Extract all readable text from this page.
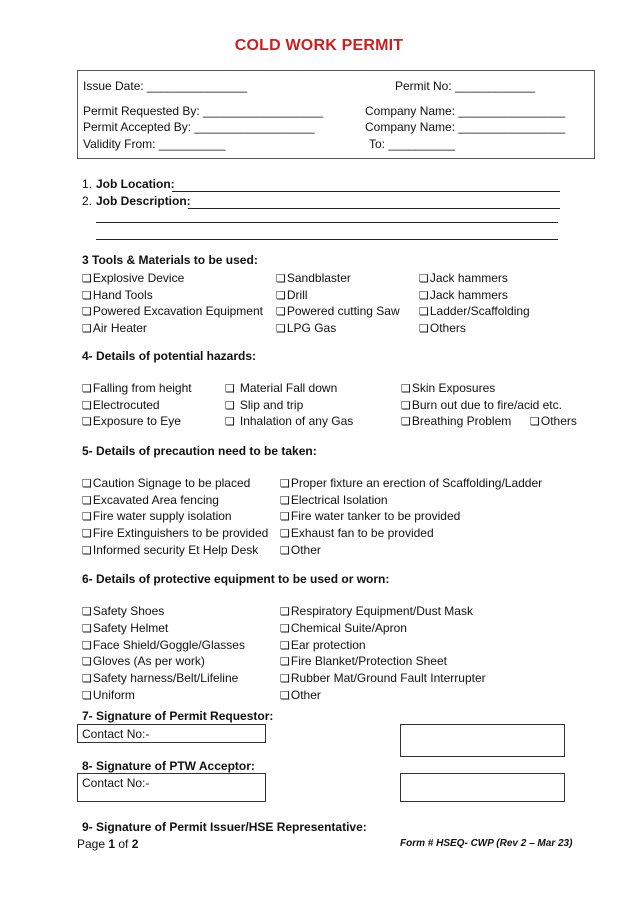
COLD WORK PERMIT
Issue Date: _______________	Permit No: ____________
Permit Requested By: __________________
Permit Accepted By: __________________
Validity From: __________
Company Name: ________________
Company Name: ________________
To: __________
1. Job Location:
2. Job Description:
3 Tools & Materials to be used:
❏ Explosive Device
❏ Hand Tools
❏ Powered Excavation Equipment
❏ Air Heater
❏ Sandblaster
❏ Drill
❏ Powered cutting Saw
❏ LPG Gas
❏ Jack hammers
❏ Jack hammers
❏ Ladder/Scaffolding
❏ Others
4- Details of potential hazards:
❏ Falling from height
❏ Electrocuted
❏ Exposure to Eye
❏ Material Fall down
❏ Slip and trip
❏ Inhalation of any Gas
❏ Skin Exposures
❏ Burn out due to fire/acid etc.
❏ Breathing Problem
❏	Others
5- Details of precaution need to be taken:
❏ Caution Signage to be placed
❏ Excavated Area fencing
❏ Fire water supply isolation
❏ Fire Extinguishers to be provided
❏ Informed security Et Help Desk
❏ Proper fixture an erection of Scaffolding/Ladder
❏ Electrical Isolation
❏ Fire water tanker to be provided
❏ Exhaust fan to be provided
❏ Other
6- Details of protective equipment to be used or worn:
❏ Safety Shoes
❏ Safety Helmet
❏ Face Shield/Goggle/Glasses
❏ Gloves (As per work)
❏ Safety harness/Belt/Lifeline
❏ Uniform
❏ Respiratory Equipment/Dust Mask
❏ Chemical Suite/Apron
❏ Ear protection
❏ Fire Blanket/Protection Sheet
❏ Rubber Mat/Ground Fault Interrupter
❏ Other
7- Signature of Permit Requestor:
Contact No:-
8- Signature of PTW Acceptor:
Contact No:-
9- Signature of Permit Issuer/HSE Representative:
Page 1 of 2	Form # HSEQ- CWP (Rev 2 – Mar 23)
